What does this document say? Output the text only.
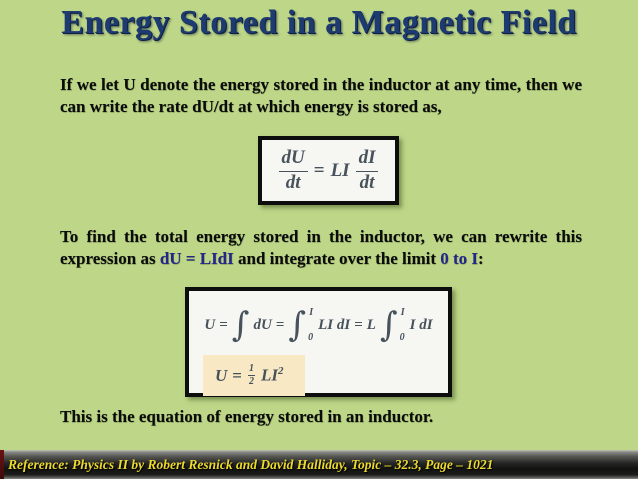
Energy Stored in a Magnetic Field

If we let U denote the energy stored in the inductor at any time, then we can write the rate dU/dt at which energy is stored as,

$\frac{dU}{dt}$ = LI $\frac{dI}{dt}$

To find the total energy stored in the inductor, we can rewrite this expression as dU = LIdI and integrate over the limit 0 to I:

U = ∫ dU = ∫ I
0
LI dI = L ∫ I
0
I dI
$U = \frac{1}{2} LI^2$

This is the equation of energy stored in an inductor.

Reference: Physics II by Robert Resnick and David Halliday, Topic – 32.3, Page – 1021
